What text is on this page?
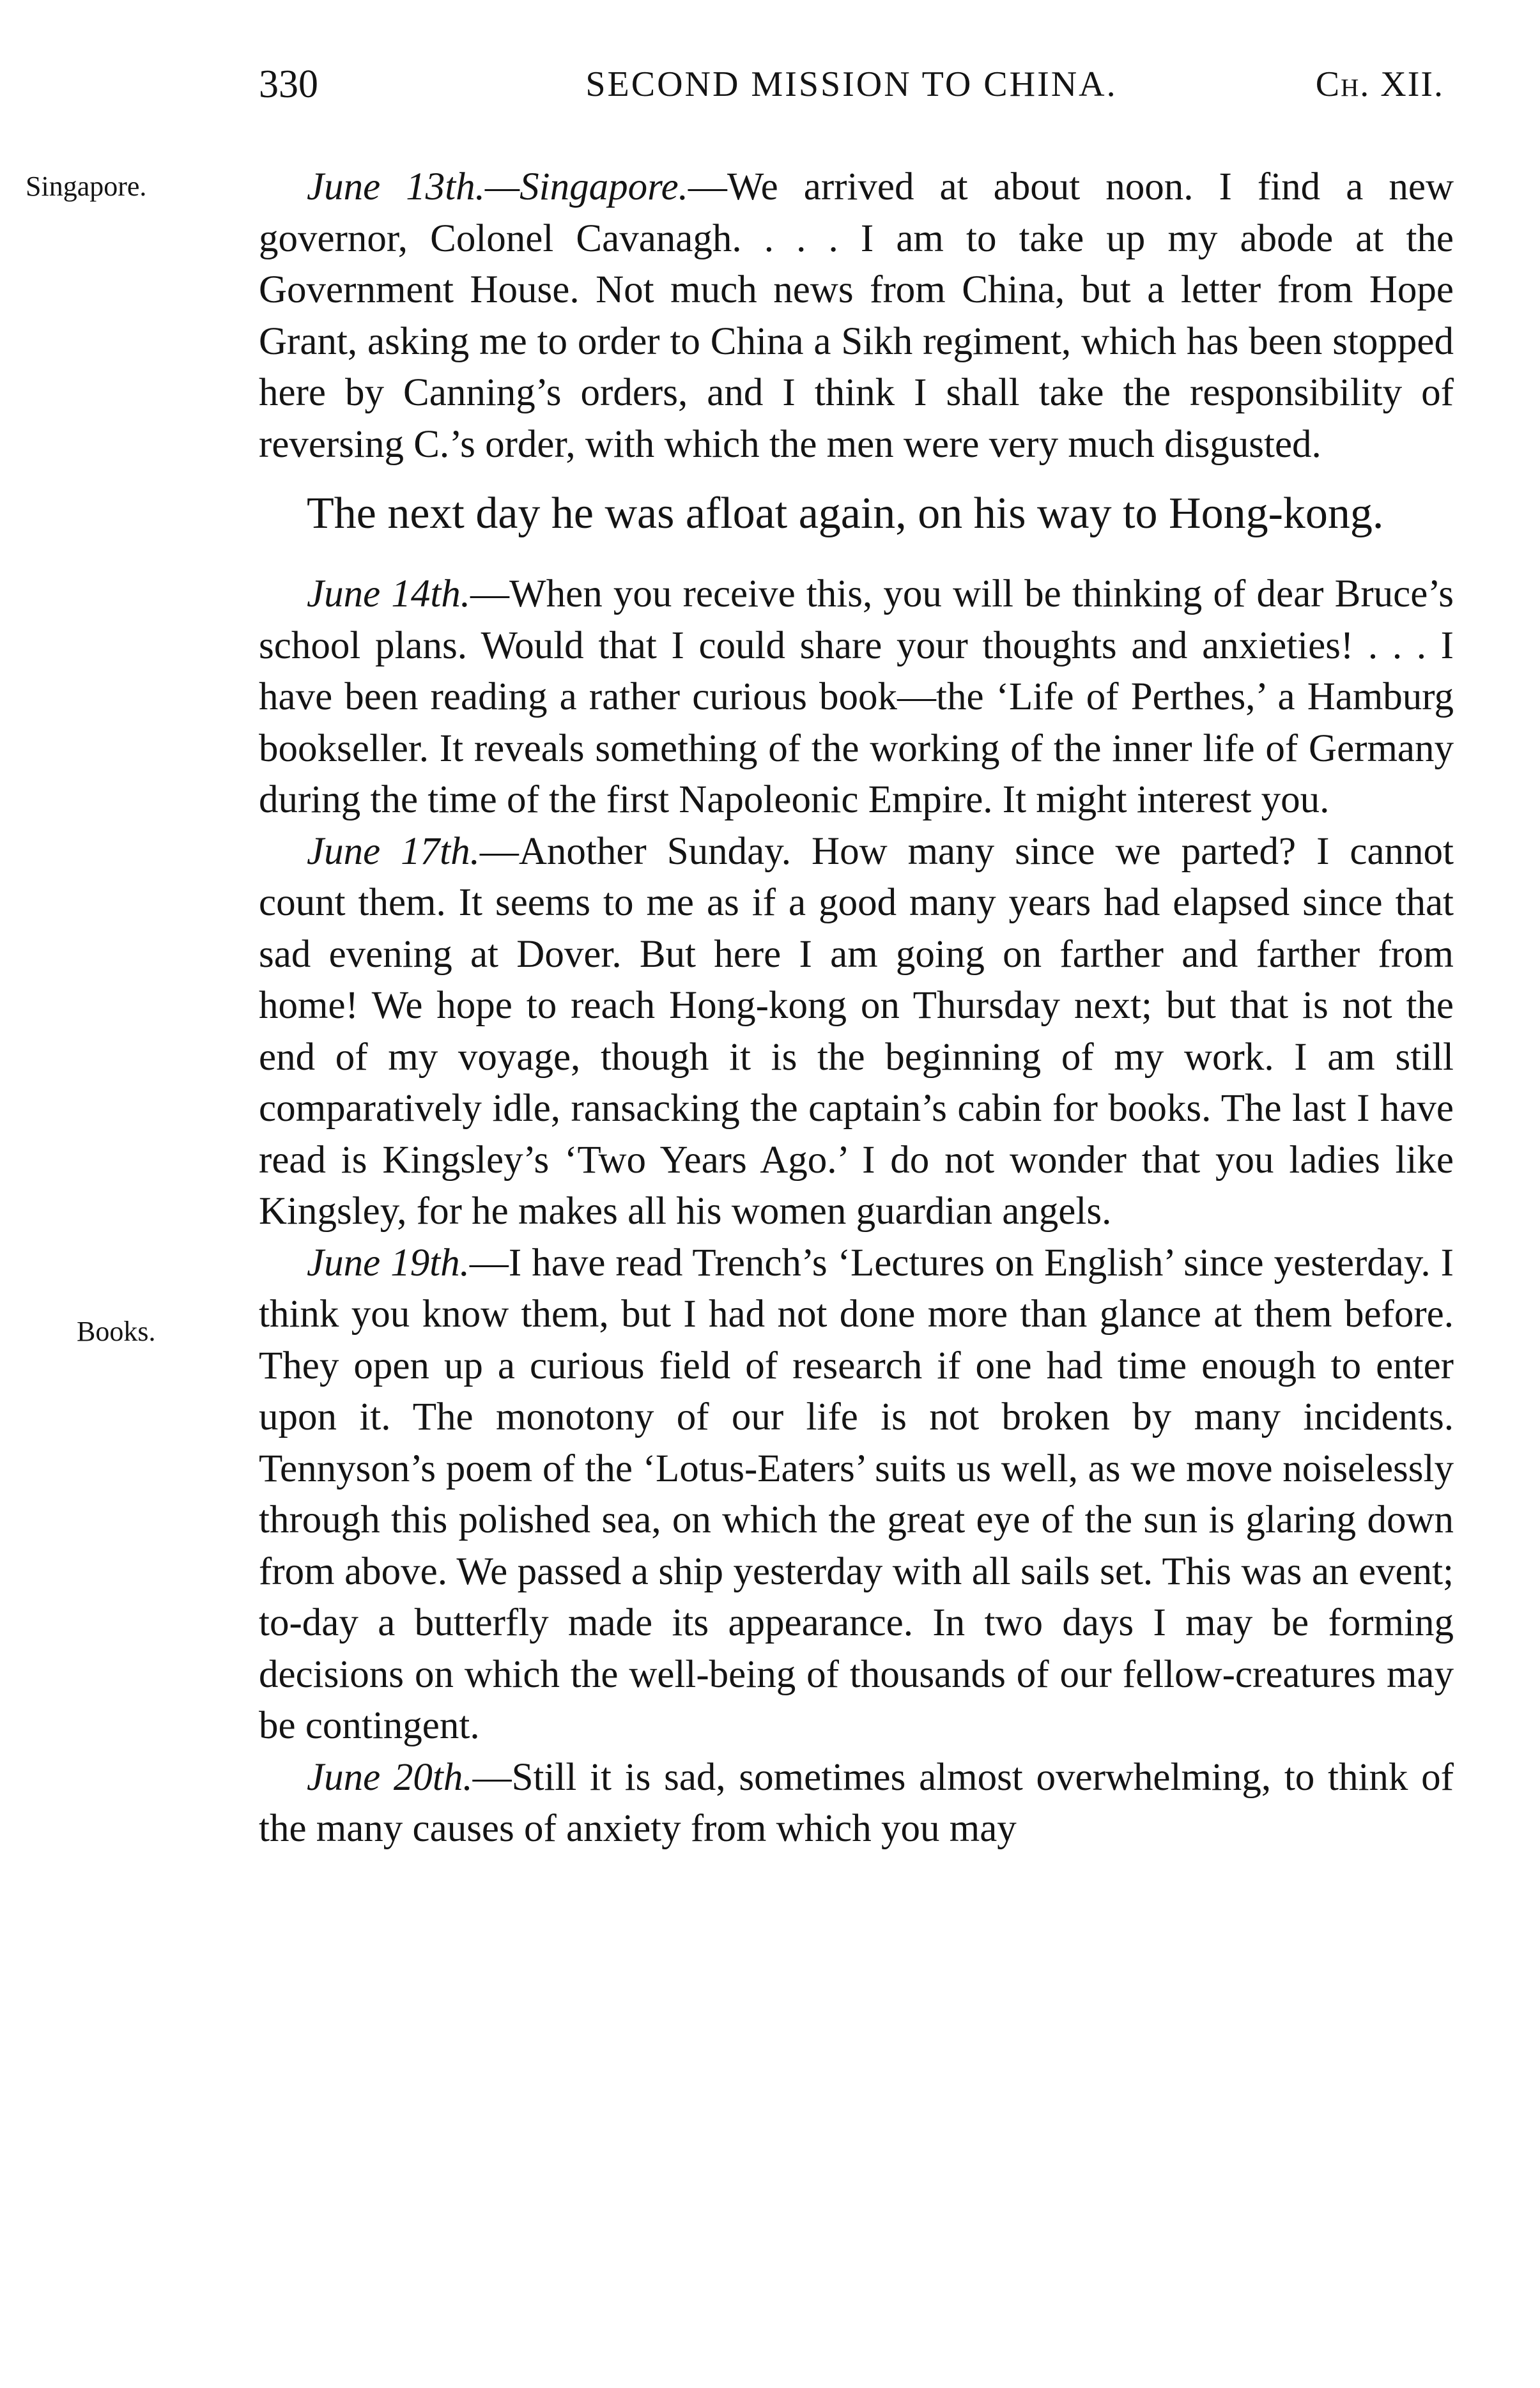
330	SECOND MISSION TO CHINA.	Ch. XII.
Singapore.
Books.

June 13th.—Singapore.—We arrived at about noon. I find a new governor, Colonel Cavanagh. . . . I am to take up my abode at the Government House. Not much news from China, but a letter from Hope Grant, asking me to order to China a Sikh regiment, which has been stopped here by Canning’s orders, and I think I shall take the responsibility of reversing C.’s order, with which the men were very much disgusted.

The next day he was afloat again, on his way to Hong-kong.

June 14th.—When you receive this, you will be thinking of dear Bruce’s school plans. Would that I could share your thoughts and anxieties! . . . I have been reading a rather curious book—the ‘Life of Perthes,’ a Hamburg bookseller. It reveals something of the working of the inner life of Germany during the time of the first Napoleonic Empire. It might interest you.

June 17th.—Another Sunday. How many since we parted? I cannot count them. It seems to me as if a good many years had elapsed since that sad evening at Dover. But here I am going on farther and farther from home! We hope to reach Hong-kong on Thursday next; but that is not the end of my voyage, though it is the beginning of my work. I am still comparatively idle, ransacking the captain’s cabin for books. The last I have read is Kingsley’s ‘Two Years Ago.’ I do not wonder that you ladies like Kingsley, for he makes all his women guardian angels.

June 19th.—I have read Trench’s ‘Lectures on English’ since yesterday. I think you know them, but I had not done more than glance at them before. They open up a curious field of research if one had time enough to enter upon it. The monotony of our life is not broken by many incidents. Tennyson’s poem of the ‘Lotus-Eaters’ suits us well, as we move noiselessly through this polished sea, on which the great eye of the sun is glaring down from above. We passed a ship yesterday with all sails set. This was an event; to-day a butterfly made its appearance. In two days I may be forming decisions on which the well-being of thousands of our fellow-creatures may be contingent.

June 20th.—Still it is sad, sometimes almost overwhelming, to think of the many causes of anxiety from which you may
